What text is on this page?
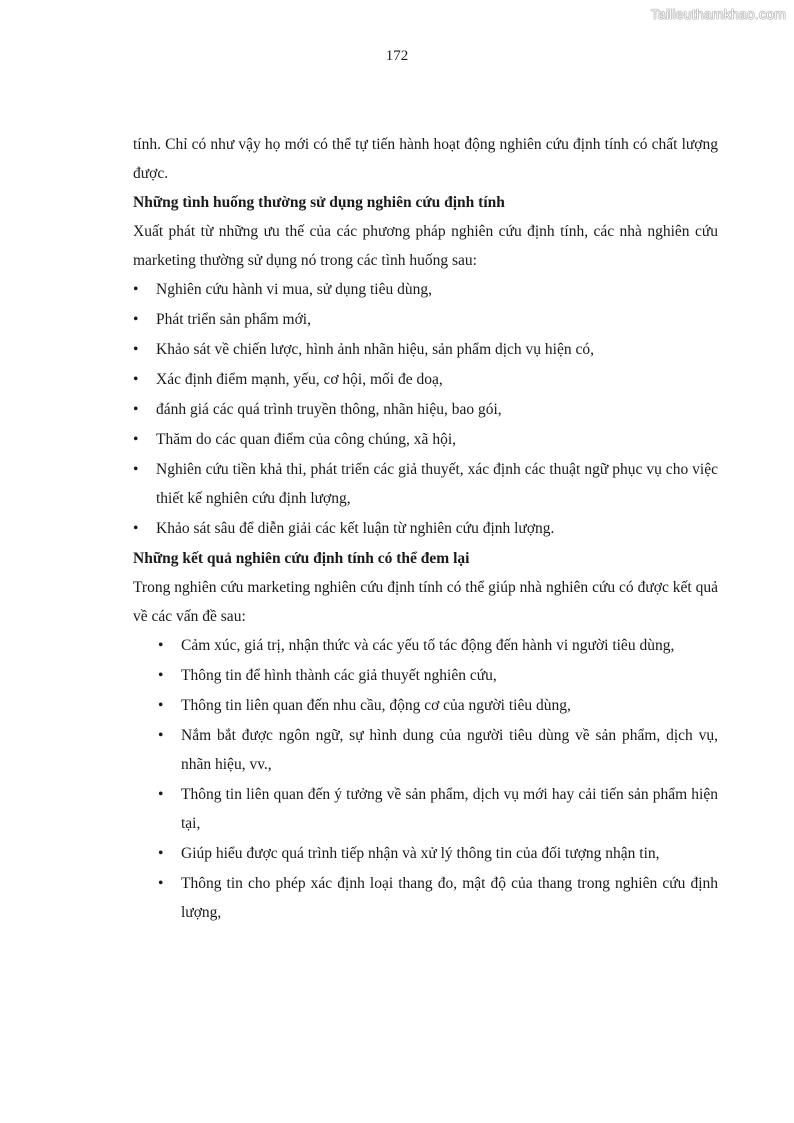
Tailieuthamkhao.com
172

tính. Chỉ có như vậy họ mới có thể tự tiến hành hoạt động nghiên cứu định tính có chất lượng được.

Những tình huống thường sử dụng nghiên cứu định tính

Xuất phát từ những ưu thế của các phương pháp nghiên cứu định tính, các nhà nghiên cứu marketing thường sử dụng nó trong các tình huống sau:

• Nghiên cứu hành vi mua, sử dụng tiêu dùng,
• Phát triển sản phẩm mới,
• Khảo sát về chiến lược, hình ảnh nhãn hiệu, sản phẩm dịch vụ hiện có,
• Xác định điểm mạnh, yếu, cơ hội, mối đe doạ,
• đánh giá các quá trình truyền thông, nhãn hiệu, bao gói,
• Thăm do các quan điểm của công chúng, xã hội,
• Nghiên cứu tiền khả thi, phát triển các giả thuyết, xác định các thuật ngữ phục vụ cho việc thiết kế nghiên cứu định lượng,
• Khảo sát sâu để diễn giải các kết luận từ nghiên cứu định lượng.

Những kết quả nghiên cứu định tính có thể đem lại

Trong nghiên cứu marketing nghiên cứu định tính có thể giúp nhà nghiên cứu có được kết quả về các vấn đề sau:

• Cảm xúc, giá trị, nhận thức và các yếu tố tác động đến hành vi người tiêu dùng,
• Thông tin để hình thành các giả thuyết nghiên cứu,
• Thông tin liên quan đến nhu cầu, động cơ của người tiêu dùng,
• Nắm bắt được ngôn ngữ, sự hình dung của người tiêu dùng về sản phẩm, dịch vụ, nhãn hiệu, vv.,
• Thông tin liên quan đến ý tưởng về sản phẩm, dịch vụ mới hay cải tiến sản phẩm hiện tại,
• Giúp hiểu được quá trình tiếp nhận và xử lý thông tin của đối tượng nhận tin,
• Thông tin cho phép xác định loại thang đo, mật độ của thang trong nghiên cứu định lượng,
